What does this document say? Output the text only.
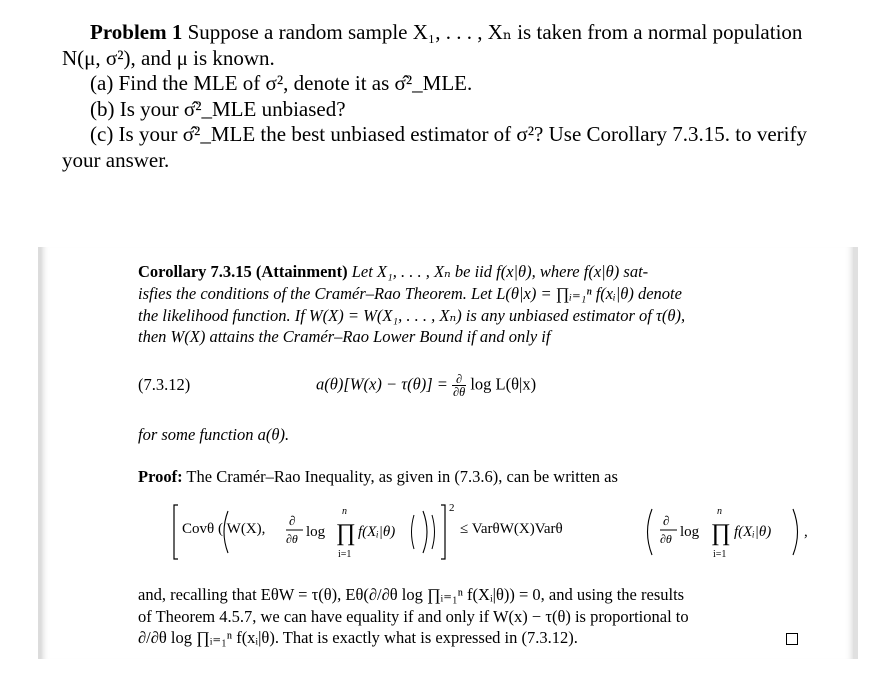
Problem 1 Suppose a random sample X₁, . . . , Xₙ is taken from a normal population

N(μ, σ²), and μ is known.

(a) Find the MLE of σ², denote it as σ̂²_MLE.

(b) Is your σ̂²_MLE unbiased?

(c) Is your σ̂²_MLE the best unbiased estimator of σ²? Use Corollary 7.3.15. to verify

your answer.

Corollary 7.3.15 (Attainment) Let X₁, . . . , Xₙ be iid f(x|θ), where f(x|θ) sat-

isfies the conditions of the Cramér–Rao Theorem. Let L(θ|x) = ∏ᵢ₌₁ⁿ f(xᵢ|θ) denote

the likelihood function. If W(X) = W(X₁, . . . , Xₙ) is any unbiased estimator of τ(θ),

then W(X) attains the Cramér–Rao Lower Bound if and only if

(7.3.12)	$a(\theta)[W(x) - \tau(\theta)] = \frac{\partial}{\partial\theta}$ log L(θ|x)
for some function a(θ).
Proof: The Cramér–Rao Inequality, as given in (7.3.6), can be written as
2
∂
∂θ log ∏
n
i=1
f(Xᵢ|θ)
∂
∂θ log ∏
n
i=1
f(Xᵢ|θ) ,
Covθ ( W(X),	≤ VarθW(X)Varθ

and, recalling that EθW = τ(θ), Eθ(∂/∂θ log ∏ᵢ₌₁ⁿ f(Xᵢ|θ)) = 0, and using the results

of Theorem 4.5.7, we can have equality if and only if W(x) − τ(θ) is proportional to

∂/∂θ log ∏ᵢ₌₁ⁿ f(xᵢ|θ). That is exactly what is expressed in (7.3.12).
